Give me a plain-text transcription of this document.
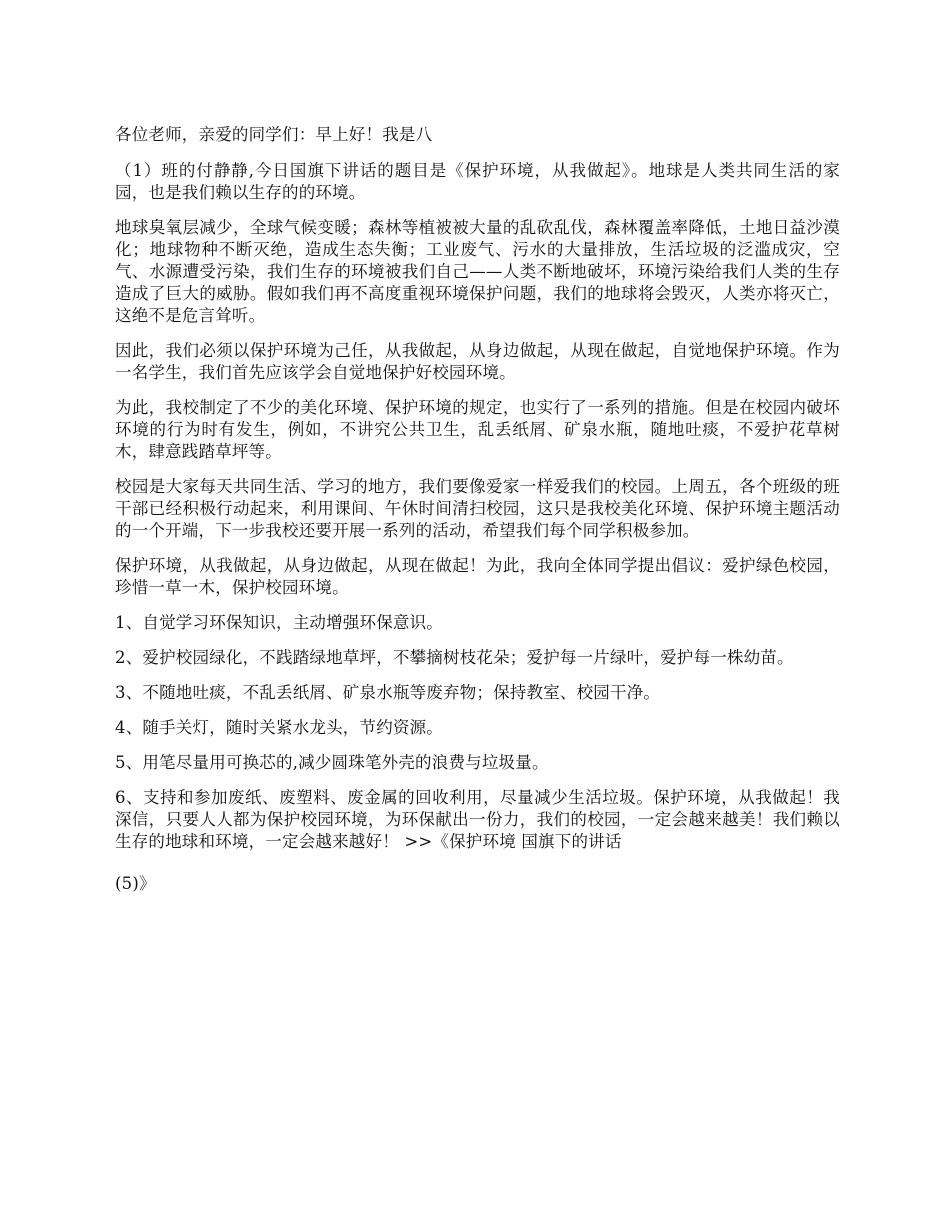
各位老师，亲爱的同学们：早上好！我是八

（1）班的付静静,今日国旗下讲话的题目是《保护环境，从我做起》。地球是人类共同生活的家园，也是我们赖以生存的的环境。

地球臭氧层减少，全球气候变暖；森林等植被被大量的乱砍乱伐，森林覆盖率降低，土地日益沙漠化；地球物种不断灭绝，造成生态失衡；工业废气、污水的大量排放，生活垃圾的泛滥成灾，空气、水源遭受污染，我们生存的环境被我们自己——人类不断地破坏，环境污染给我们人类的生存造成了巨大的威胁。假如我们再不高度重视环境保护问题，我们的地球将会毁灭，人类亦将灭亡，这绝不是危言耸听。

因此，我们必须以保护环境为己任，从我做起，从身边做起，从现在做起，自觉地保护环境。作为一名学生，我们首先应该学会自觉地保护好校园环境。

为此，我校制定了不少的美化环境、保护环境的规定，也实行了一系列的措施。但是在校园内破坏环境的行为时有发生，例如，不讲究公共卫生，乱丢纸屑、矿泉水瓶，随地吐痰，不爱护花草树木，肆意践踏草坪等。

校园是大家每天共同生活、学习的地方，我们要像爱家一样爱我们的校园。上周五，各个班级的班干部已经积极行动起来，利用课间、午休时间清扫校园，这只是我校美化环境、保护环境主题活动的一个开端，下一步我校还要开展一系列的活动，希望我们每个同学积极参加。

保护环境，从我做起，从身边做起，从现在做起！为此，我向全体同学提出倡议：爱护绿色校园，珍惜一草一木，保护校园环境。

1、自觉学习环保知识，主动增强环保意识。

2、爱护校园绿化，不践踏绿地草坪，不攀摘树枝花朵；爱护每一片绿叶，爱护每一株幼苗。

3、不随地吐痰，不乱丢纸屑、矿泉水瓶等废弃物；保持教室、校园干净。

4、随手关灯，随时关紧水龙头，节约资源。

5、用笔尽量用可换芯的,减少圆珠笔外壳的浪费与垃圾量。

6、支持和参加废纸、废塑料、废金属的回收利用，尽量减少生活垃圾。保护环境，从我做起！我深信，只要人人都为保护校园环境，为环保献出一份力，我们的校园，一定会越来越美！我们赖以生存的地球和环境，一定会越来越好！ >>《保护环境 国旗下的讲话

(5)》
